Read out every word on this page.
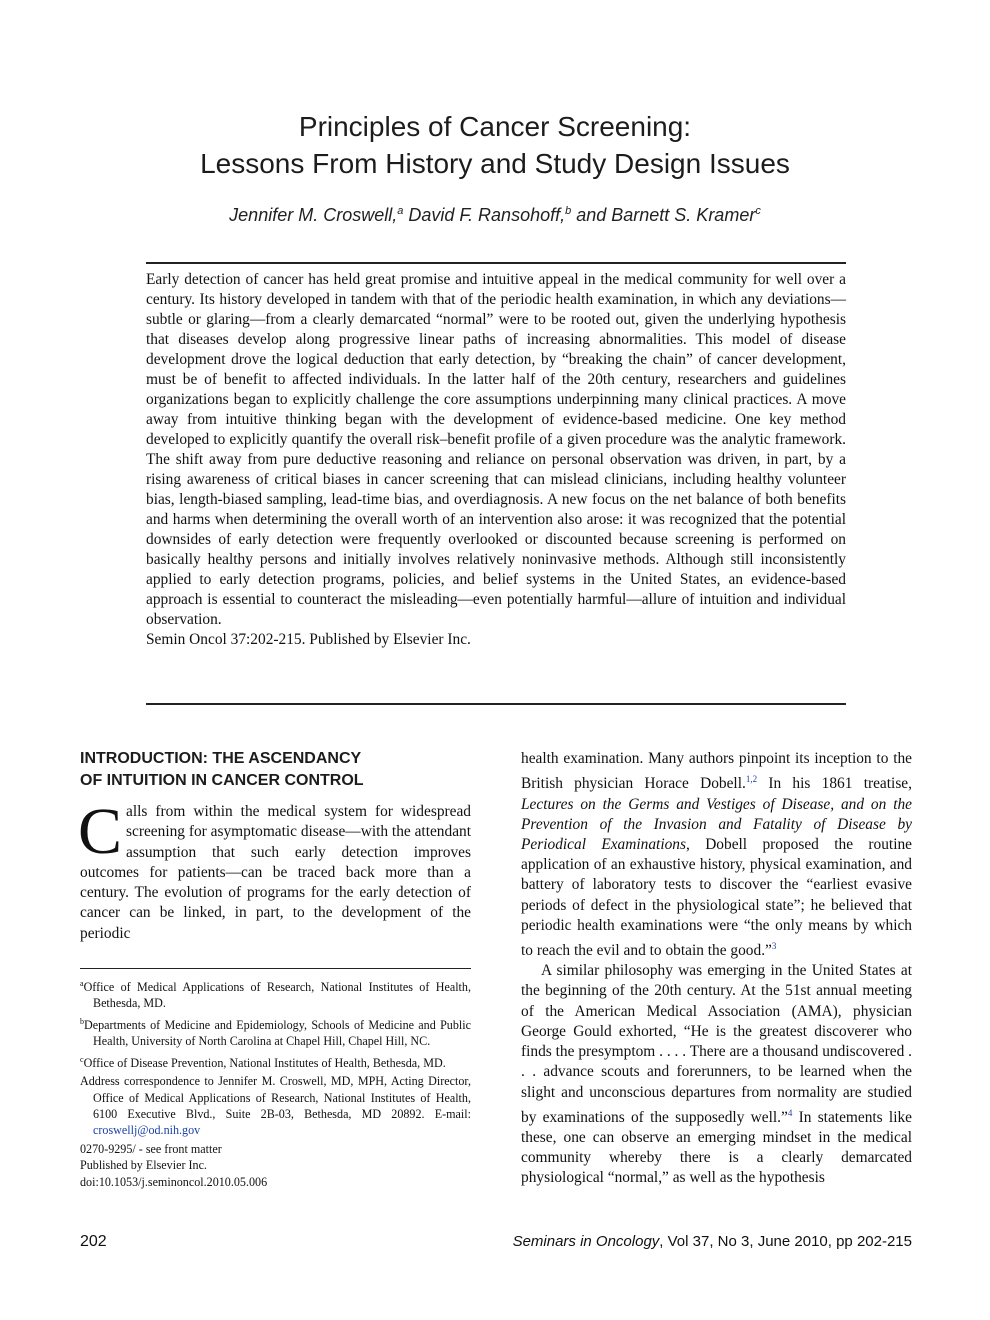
Principles of Cancer Screening:
Lessons From History and Study Design Issues
Jennifer M. Croswell,$^a$ David F. Ransohoff,$^b$ and Barnett S. Kramer$^c$
Early detection of cancer has held great promise and intuitive appeal in the medical community for well over a century. Its history developed in tandem with that of the periodic health examination, in which any deviations—subtle or glaring—from a clearly demarcated “normal” were to be rooted out, given the underlying hypothesis that diseases develop along progressive linear paths of increasing abnormalities. This model of disease development drove the logical deduction that early detection, by “breaking the chain” of cancer development, must be of benefit to affected individuals. In the latter half of the 20th century, researchers and guidelines organizations began to explicitly challenge the core assumptions underpinning many clinical practices. A move away from intuitive thinking began with the development of evidence-based medicine. One key method developed to explicitly quantify the overall risk–benefit profile of a given procedure was the analytic framework. The shift away from pure deductive reasoning and reliance on personal observation was driven, in part, by a rising awareness of critical biases in cancer screening that can mislead clinicians, including healthy volunteer bias, length-biased sampling, lead-time bias, and overdiagnosis. A new focus on the net balance of both benefits and harms when determining the overall worth of an intervention also arose: it was recognized that the potential downsides of early detection were frequently overlooked or discounted because screening is performed on basically healthy persons and initially involves relatively noninvasive methods. Although still inconsistently applied to early detection programs, policies, and belief systems in the United States, an evidence-based approach is essential to counteract the misleading—even potentially harmful—allure of intuition and individual observation.
Semin Oncol 37:202-215. Published by Elsevier Inc.
INTRODUCTION: THE ASCENDANCY
OF INTUITION IN CANCER CONTROL

Calls from within the medical system for widespread screening for asymptomatic disease—with the attendant assumption that such early detection improves outcomes for patients—can be traced back more than a century. The evolution of programs for the early detection of cancer can be linked, in part, to the development of the periodic

$^a$Office of Medical Applications of Research, National Institutes of Health, Bethesda, MD.

$^b$Departments of Medicine and Epidemiology, Schools of Medicine and Public Health, University of North Carolina at Chapel Hill, Chapel Hill, NC.

$^c$Office of Disease Prevention, National Institutes of Health, Bethesda, MD.

Address correspondence to Jennifer M. Croswell, MD, MPH, Acting Director, Office of Medical Applications of Research, National Institutes of Health, 6100 Executive Blvd., Suite 2B-03, Bethesda, MD 20892. E-mail: croswellj@od.nih.gov

0270-9295/ - see front matter

Published by Elsevier Inc.

doi:10.1053/j.seminoncol.2010.05.006

health examination. Many authors pinpoint its inception to the British physician Horace Dobell.$^{1,2}$ In his 1861 treatise, Lectures on the Germs and Vestiges of Disease, and on the Prevention of the Invasion and Fatality of Disease by Periodical Examinations, Dobell proposed the routine application of an exhaustive history, physical examination, and battery of laboratory tests to discover the “earliest evasive periods of defect in the physiological state”; he believed that periodic health examinations were “the only means by which to reach the evil and to obtain the good.”$^3$

A similar philosophy was emerging in the United States at the beginning of the 20th century. At the 51st annual meeting of the American Medical Association (AMA), physician George Gould exhorted, “He is the greatest discoverer who finds the presymptom . . . . There are a thousand undiscovered . . . advance scouts and forerunners, to be learned when the slight and unconscious departures from normality are studied by examinations of the supposedly well.”$^4$ In statements like these, one can observe an emerging mindset in the medical community whereby there is a clearly demarcated physiological “normal,” as well as the hypothesis

202	Seminars in Oncology, Vol 37, No 3, June 2010, pp 202-215
